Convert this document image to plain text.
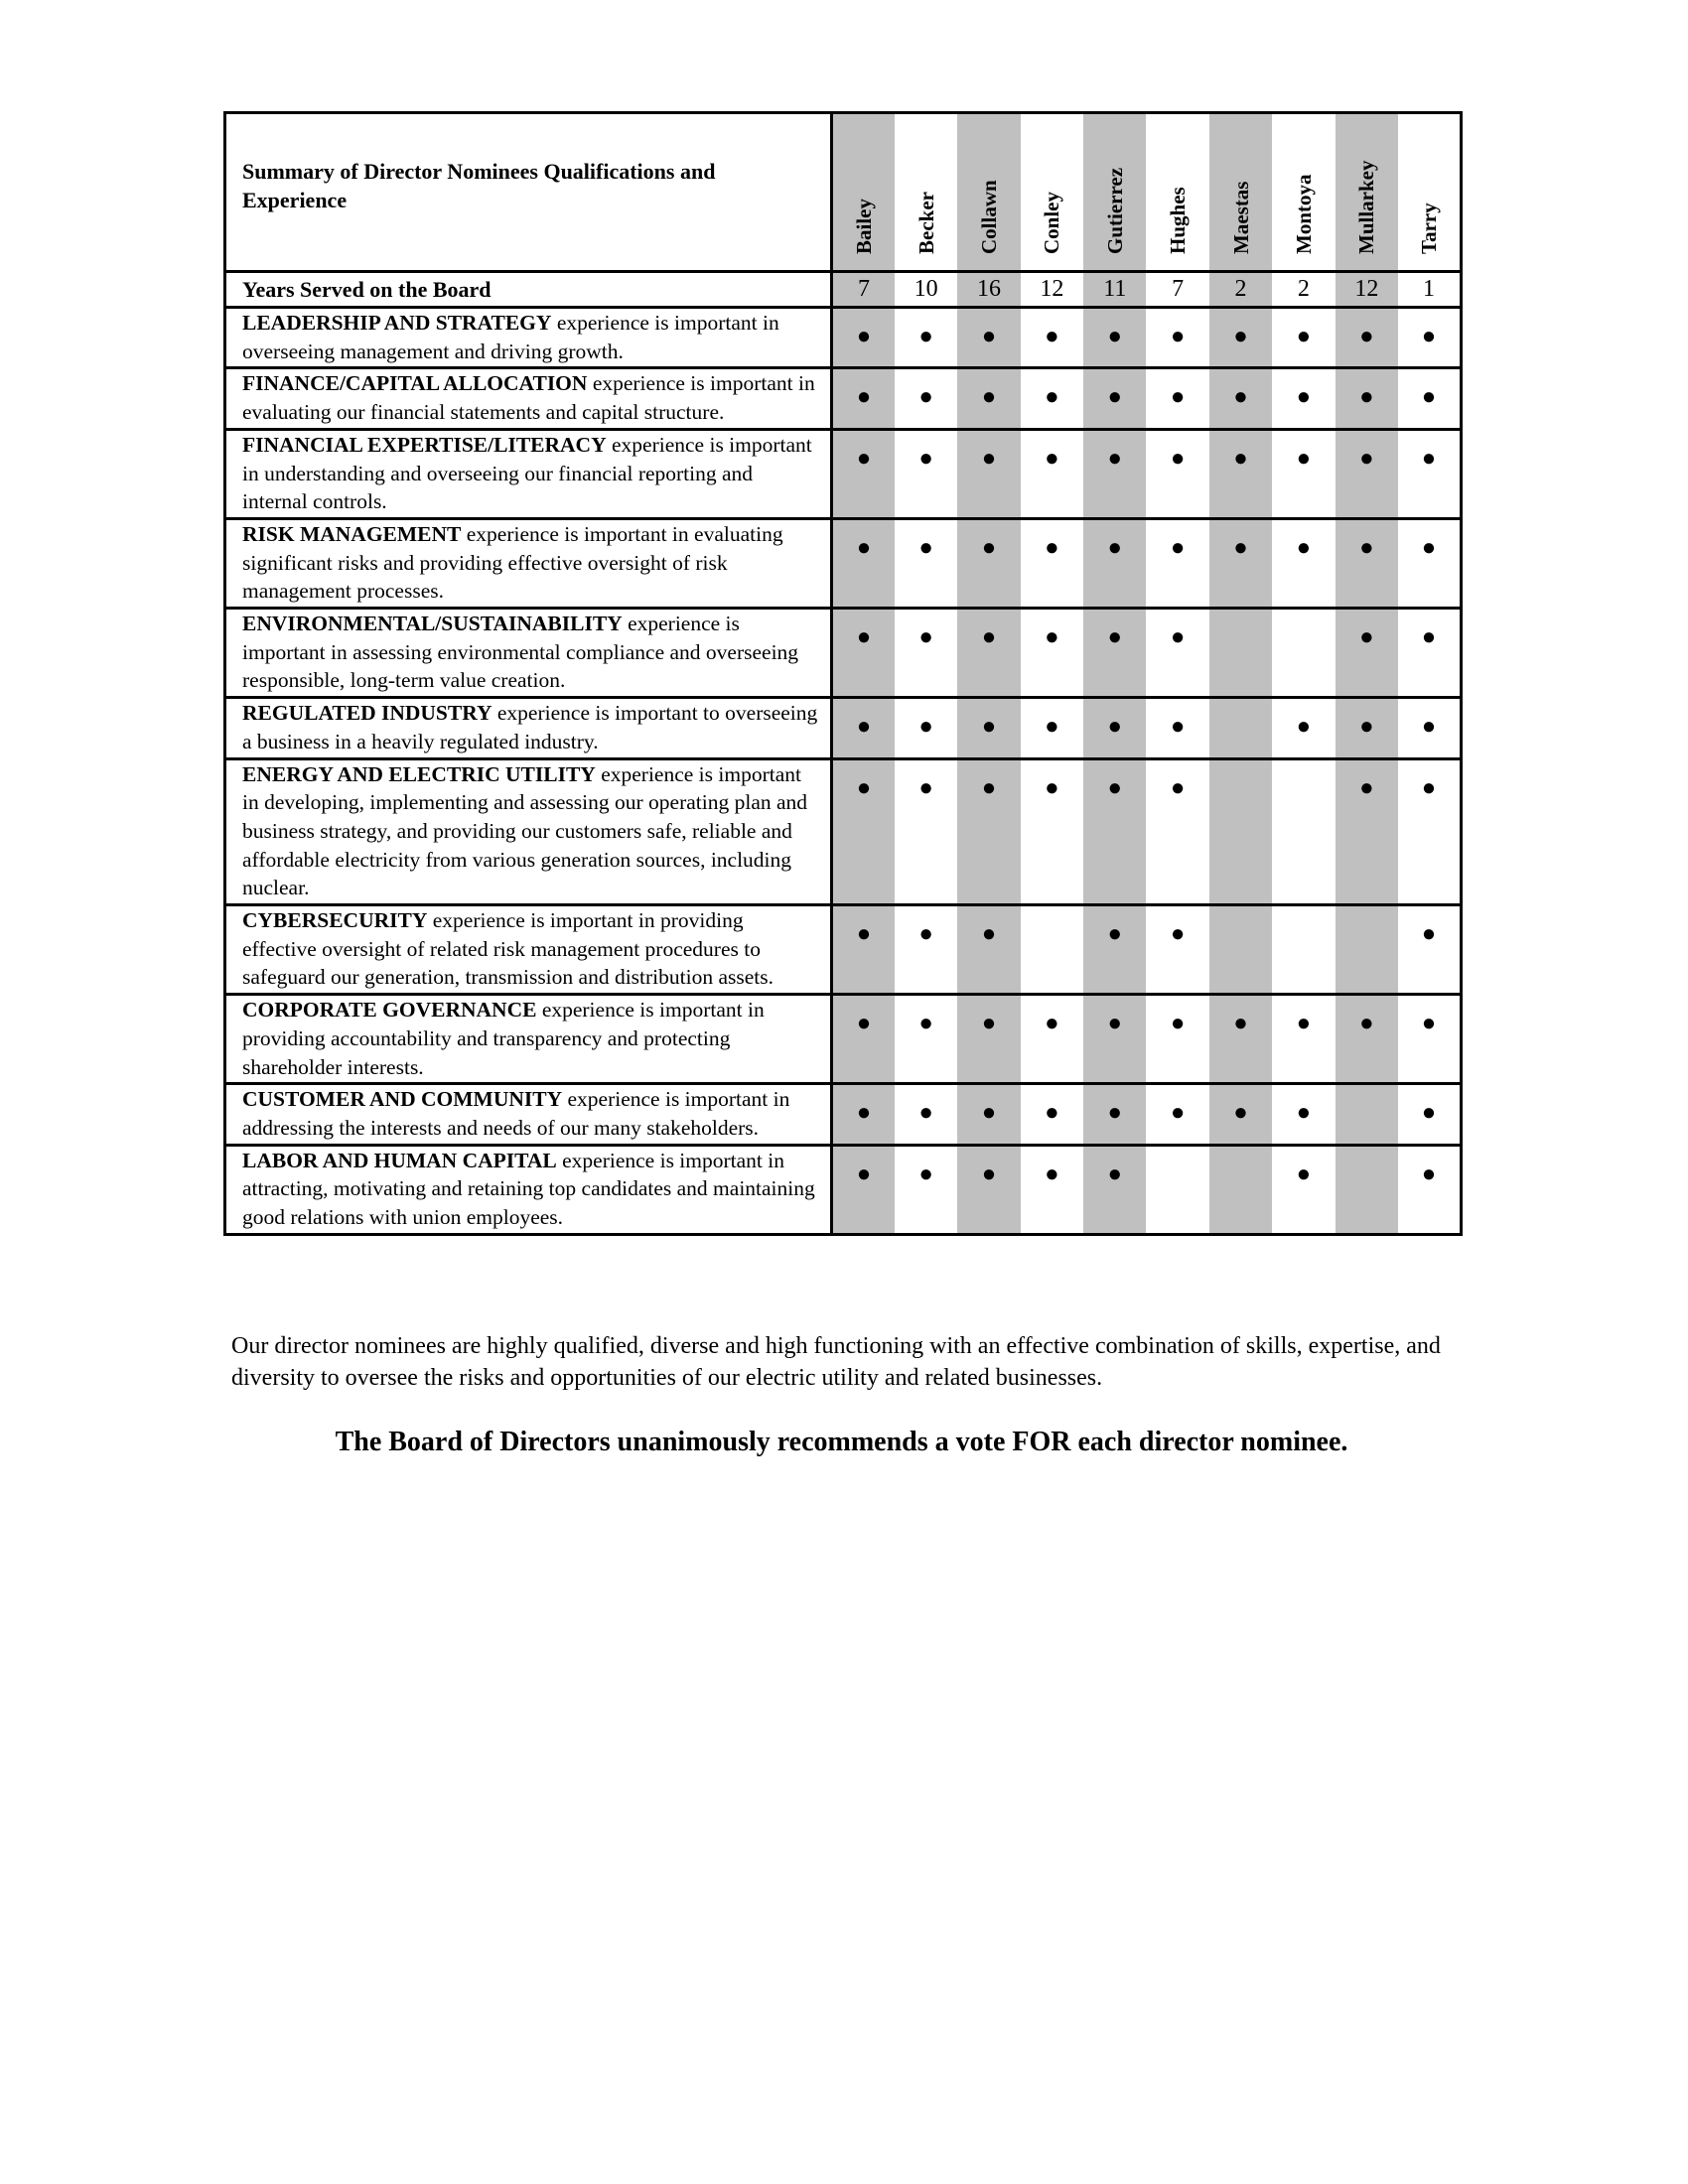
Summary of Director Nominees Qualifications and Experience	Bailey	Becker	Collawn	Conley	Gutierrez	Hughes	Maestas	Montoya	Mullarkey	Tarry

Years Served on the Board	7	10	16	12	11	7	2	2	12	1
LEADERSHIP AND STRATEGY experience is important in overseeing management and driving growth.	●	●	●	●	●	●	●	●	●	●
FINANCE/CAPITAL ALLOCATION experience is important in evaluating our financial statements and capital structure.	●	●	●	●	●	●	●	●	●	●
FINANCIAL EXPERTISE/LITERACY experience is important in understanding and overseeing our financial reporting and internal controls.	●	●	●	●	●	●	●	●	●	●
RISK MANAGEMENT experience is important in evaluating significant risks and providing effective oversight of risk management processes.	●	●	●	●	●	●	●	●	●	●
ENVIRONMENTAL/SUSTAINABILITY experience is important in assessing environmental compliance and overseeing responsible, long-term value creation.	●	●	●	●	●	●			●	●
REGULATED INDUSTRY experience is important to overseeing a business in a heavily regulated industry.	●	●	●	●	●	●		●	●	●
ENERGY AND ELECTRIC UTILITY experience is important in developing, implementing and assessing our operating plan and business strategy, and providing our customers safe, reliable and affordable electricity from various generation sources, including nuclear.	●	●	●	●	●	●			●	●
CYBERSECURITY experience is important in providing effective oversight of related risk management procedures to safeguard our generation, transmission and distribution assets.	●	●	●		●	●				●
CORPORATE GOVERNANCE experience is important in providing accountability and transparency and protecting shareholder interests.	●	●	●	●	●	●	●	●	●	●
CUSTOMER AND COMMUNITY experience is important in addressing the interests and needs of our many stakeholders.	●	●	●	●	●	●	●	●		●
LABOR AND HUMAN CAPITAL experience is important in attracting, motivating and retaining top candidates and maintaining good relations with union employees.	●	●	●	●	●			●		●

Our director nominees are highly qualified, diverse and high functioning with an effective combination of skills, expertise, and diversity to oversee the risks and opportunities of our electric utility and related businesses.

The Board of Directors unanimously recommends a vote FOR each director nominee.
